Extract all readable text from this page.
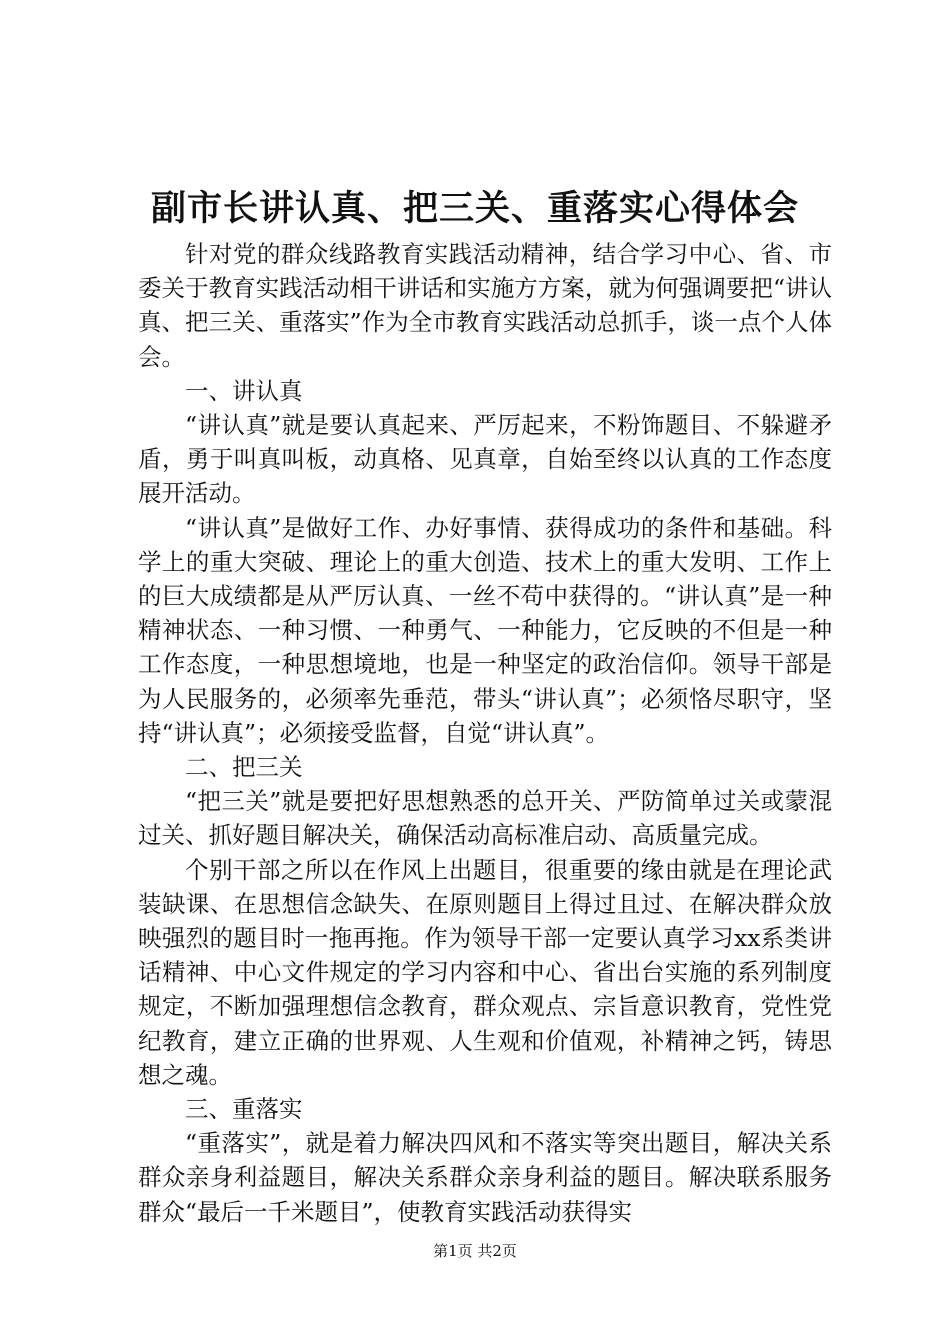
副市长讲认真、把三关、重落实心得体会

针对党的群众线路教育实践活动精神，结合学习中心、省、市委关于教育实践活动相干讲话和实施方方案，就为何强调要把“讲认真、把三关、重落实”作为全市教育实践活动总抓手，谈一点个人体会。

一、讲认真

“讲认真”就是要认真起来、严厉起来，不粉饰题目、不躲避矛盾，勇于叫真叫板，动真格、见真章，自始至终以认真的工作态度展开活动。

“讲认真”是做好工作、办好事情、获得成功的条件和基础。科学上的重大突破、理论上的重大创造、技术上的重大发明、工作上的巨大成绩都是从严厉认真、一丝不苟中获得的。“讲认真”是一种精神状态、一种习惯、一种勇气、一种能力，它反映的不但是一种工作态度，一种思想境地，也是一种坚定的政治信仰。领导干部是为人民服务的，必须率先垂范，带头“讲认真”；必须恪尽职守，坚持“讲认真”；必须接受监督，自觉“讲认真”。

二、把三关

“把三关”就是要把好思想熟悉的总开关、严防简单过关或蒙混过关、抓好题目解决关，确保活动高标准启动、高质量完成。

个别干部之所以在作风上出题目，很重要的缘由就是在理论武装缺课、在思想信念缺失、在原则题目上得过且过、在解决群众放映强烈的题目时一拖再拖。作为领导干部一定要认真学习xx系类讲话精神、中心文件规定的学习内容和中心、省出台实施的系列制度规定，不断加强理想信念教育，群众观点、宗旨意识教育，党性党纪教育，建立正确的世界观、人生观和价值观，补精神之钙，铸思想之魂。

三、重落实

“重落实”，就是着力解决四风和不落实等突出题目，解决关系群众亲身利益题目，解决关系群众亲身利益的题目。解决联系服务群众“最后一千米题目”，使教育实践活动获得实

第1页 共2页
